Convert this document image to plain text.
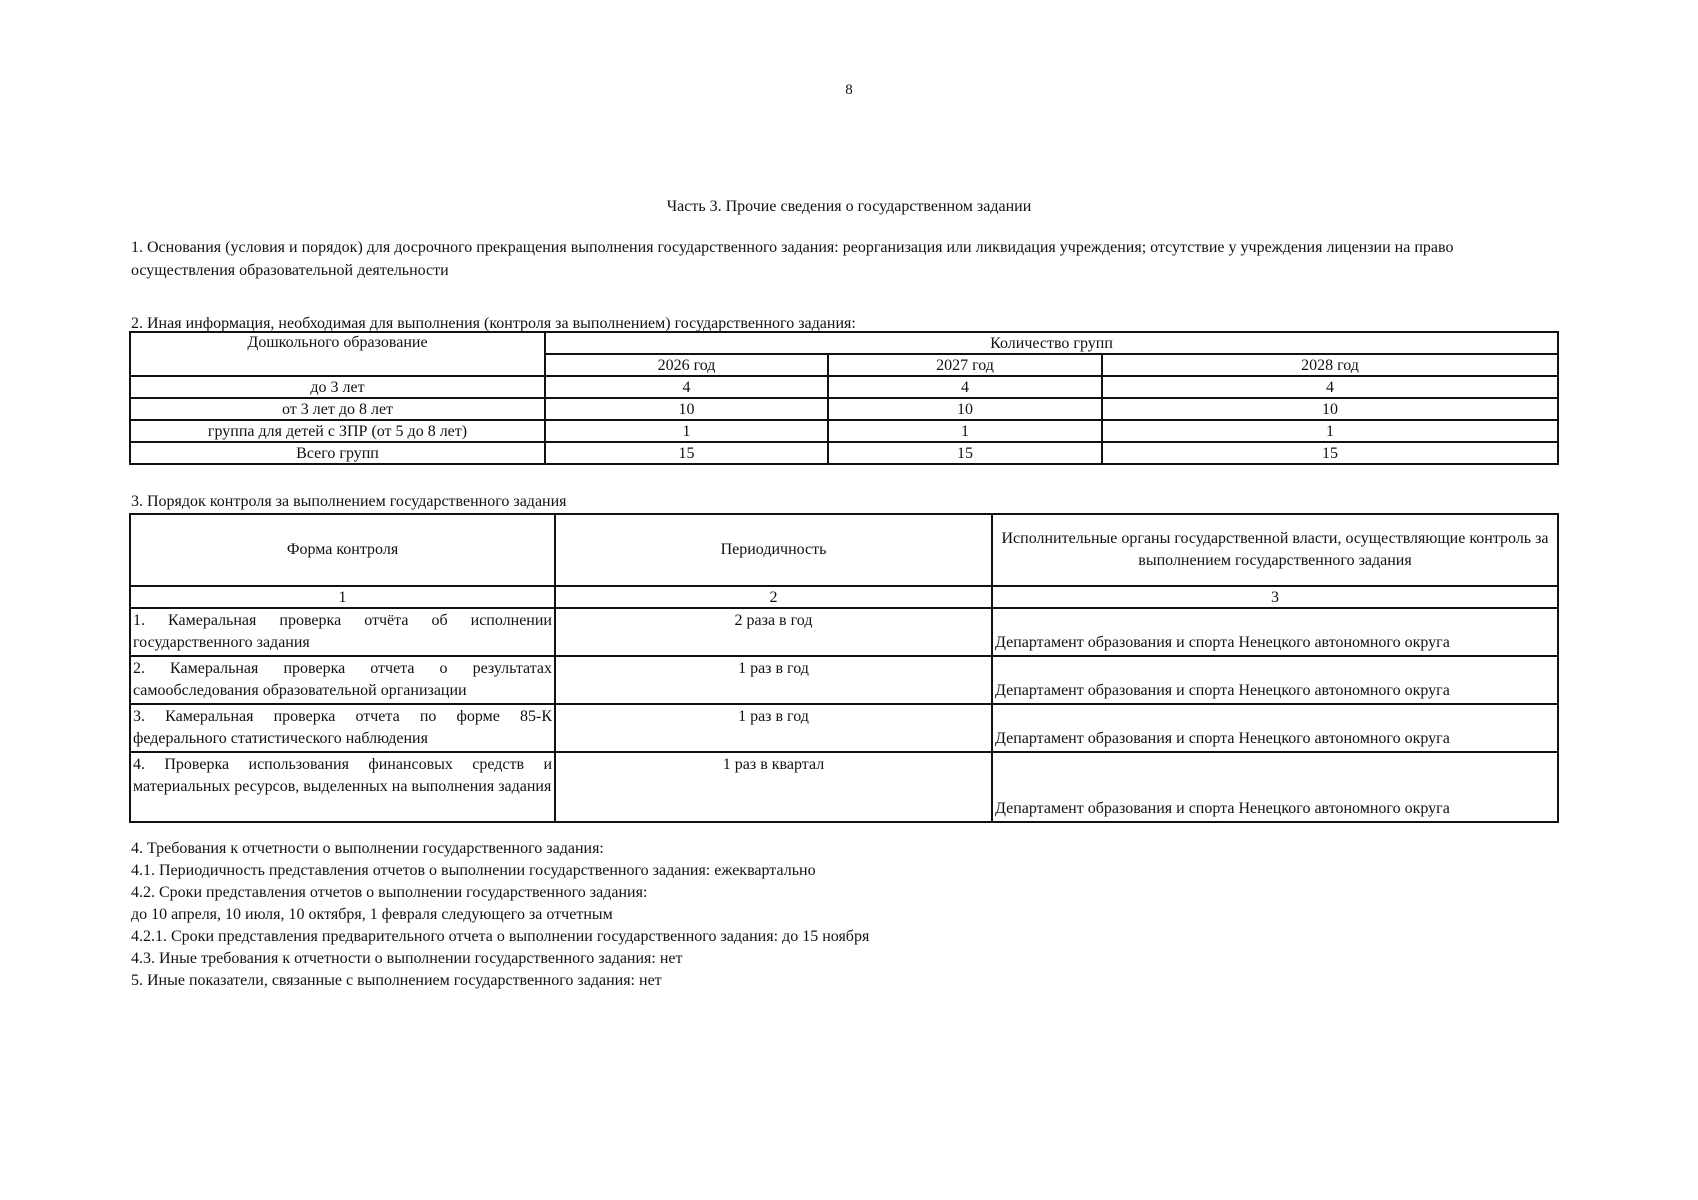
8
Часть 3. Прочие сведения о государственном задании
1. Основания (условия и порядок) для досрочного прекращения выполнения государственного задания: реорганизация или ликвидация учреждения; отсутствие у учреждения лицензии на право осуществления образовательной деятельности
2. Иная информация, необходимая для выполнения (контроля за выполнением) государственного задания:
Дошкольного образование	Количество групп		
	2026 год	2027 год	2028 год
до 3 лет	4	4	4
от 3 лет до 8 лет	10	10	10
группа для детей с ЗПР (от 5 до 8 лет)	1	1	1
Всего групп	15	15	15
3. Порядок контроля за выполнением государственного задания
Форма контроля	Периодичность	Исполнительные органы государственной власти, осуществляющие контроль за выполнением государственного задания
1	2	3
1. Камеральная проверка отчёта об исполнении государственного задания	2 раза в год	Департамент образования и спорта Ненецкого автономного округа
2. Камеральная проверка отчета о результатах самообследования образовательной организации	1 раз в год	Департамент образования и спорта Ненецкого автономного округа
3. Камеральная проверка отчета по форме 85-К федерального статистического наблюдения	1 раз в год	Департамент образования и спорта Ненецкого автономного округа
4. Проверка использования финансовых средств и материальных ресурсов, выделенных на выполнения задания	1 раз в квартал	Департамент образования и спорта Ненецкого автономного округа
4. Требования к отчетности о выполнении государственного задания:
4.1. Периодичность представления отчетов о выполнении государственного задания: ежеквартально
4.2. Сроки представления отчетов о выполнении государственного задания:
до 10 апреля, 10 июля, 10 октября, 1 февраля следующего за отчетным
4.2.1. Сроки представления предварительного отчета о выполнении государственного задания: до 15 ноября
4.3. Иные требования к отчетности о выполнении государственного задания: нет
5. Иные показатели, связанные с выполнением государственного задания: нет
